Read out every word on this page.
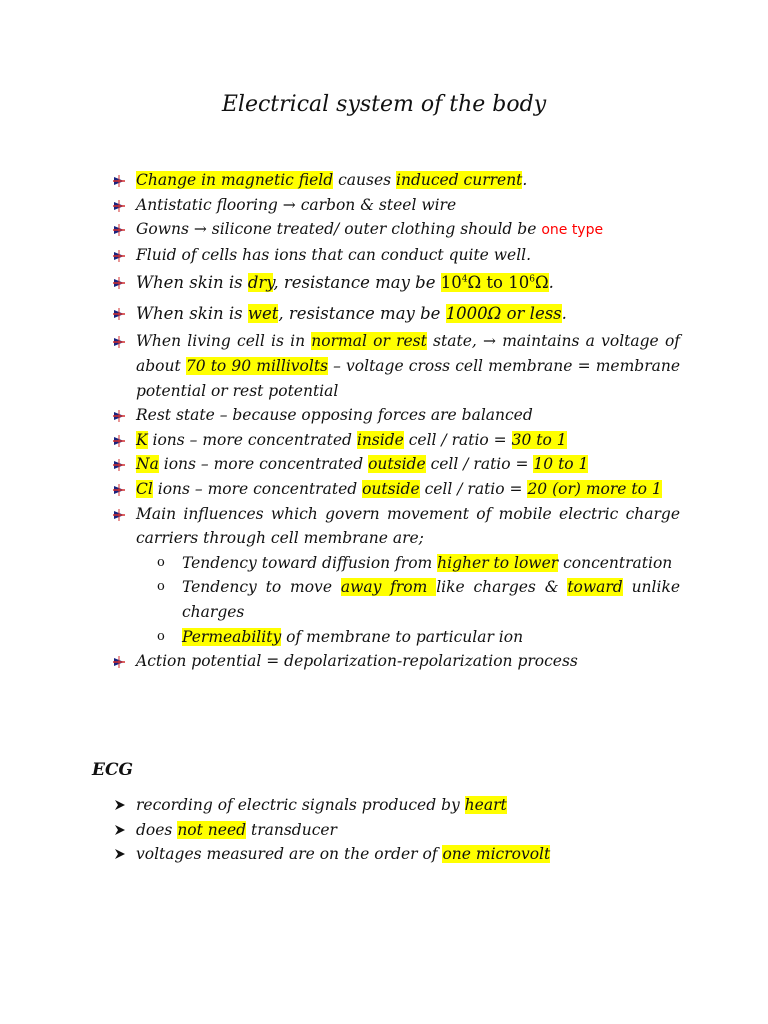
Electrical system of the body
Change in magnetic field causes induced current.
Antistatic flooring → carbon & steel wire
Gowns → silicone treated/ outer clothing should be one type
Fluid of cells has ions that can conduct quite well.
When skin is dry, resistance may be $10^4\Omega$ to $10^6\Omega$.
When skin is wet, resistance may be 1000Ω or less.
When living cell is in normal or rest state, → maintains a voltage of about 70 to 90 millivolts – voltage cross cell membrane = membrane potential or rest potential
Rest state – because opposing forces are balanced
K ions – more concentrated inside cell / ratio = 30 to 1
Na ions – more concentrated outside cell / ratio = 10 to 1
Cl ions – more concentrated outside cell / ratio = 20 (or) more to 1
Main influences which govern movement of mobile electric charge carriers through cell membrane are;
o Tendency toward diffusion from higher to lower concentration
o Tendency to move away from like charges & toward unlike charges
o Permeability of membrane to particular ion
Action potential = depolarization-repolarization process
ECG
recording of electric signals produced by heart
does not need transducer
voltages measured are on the order of one microvolt
